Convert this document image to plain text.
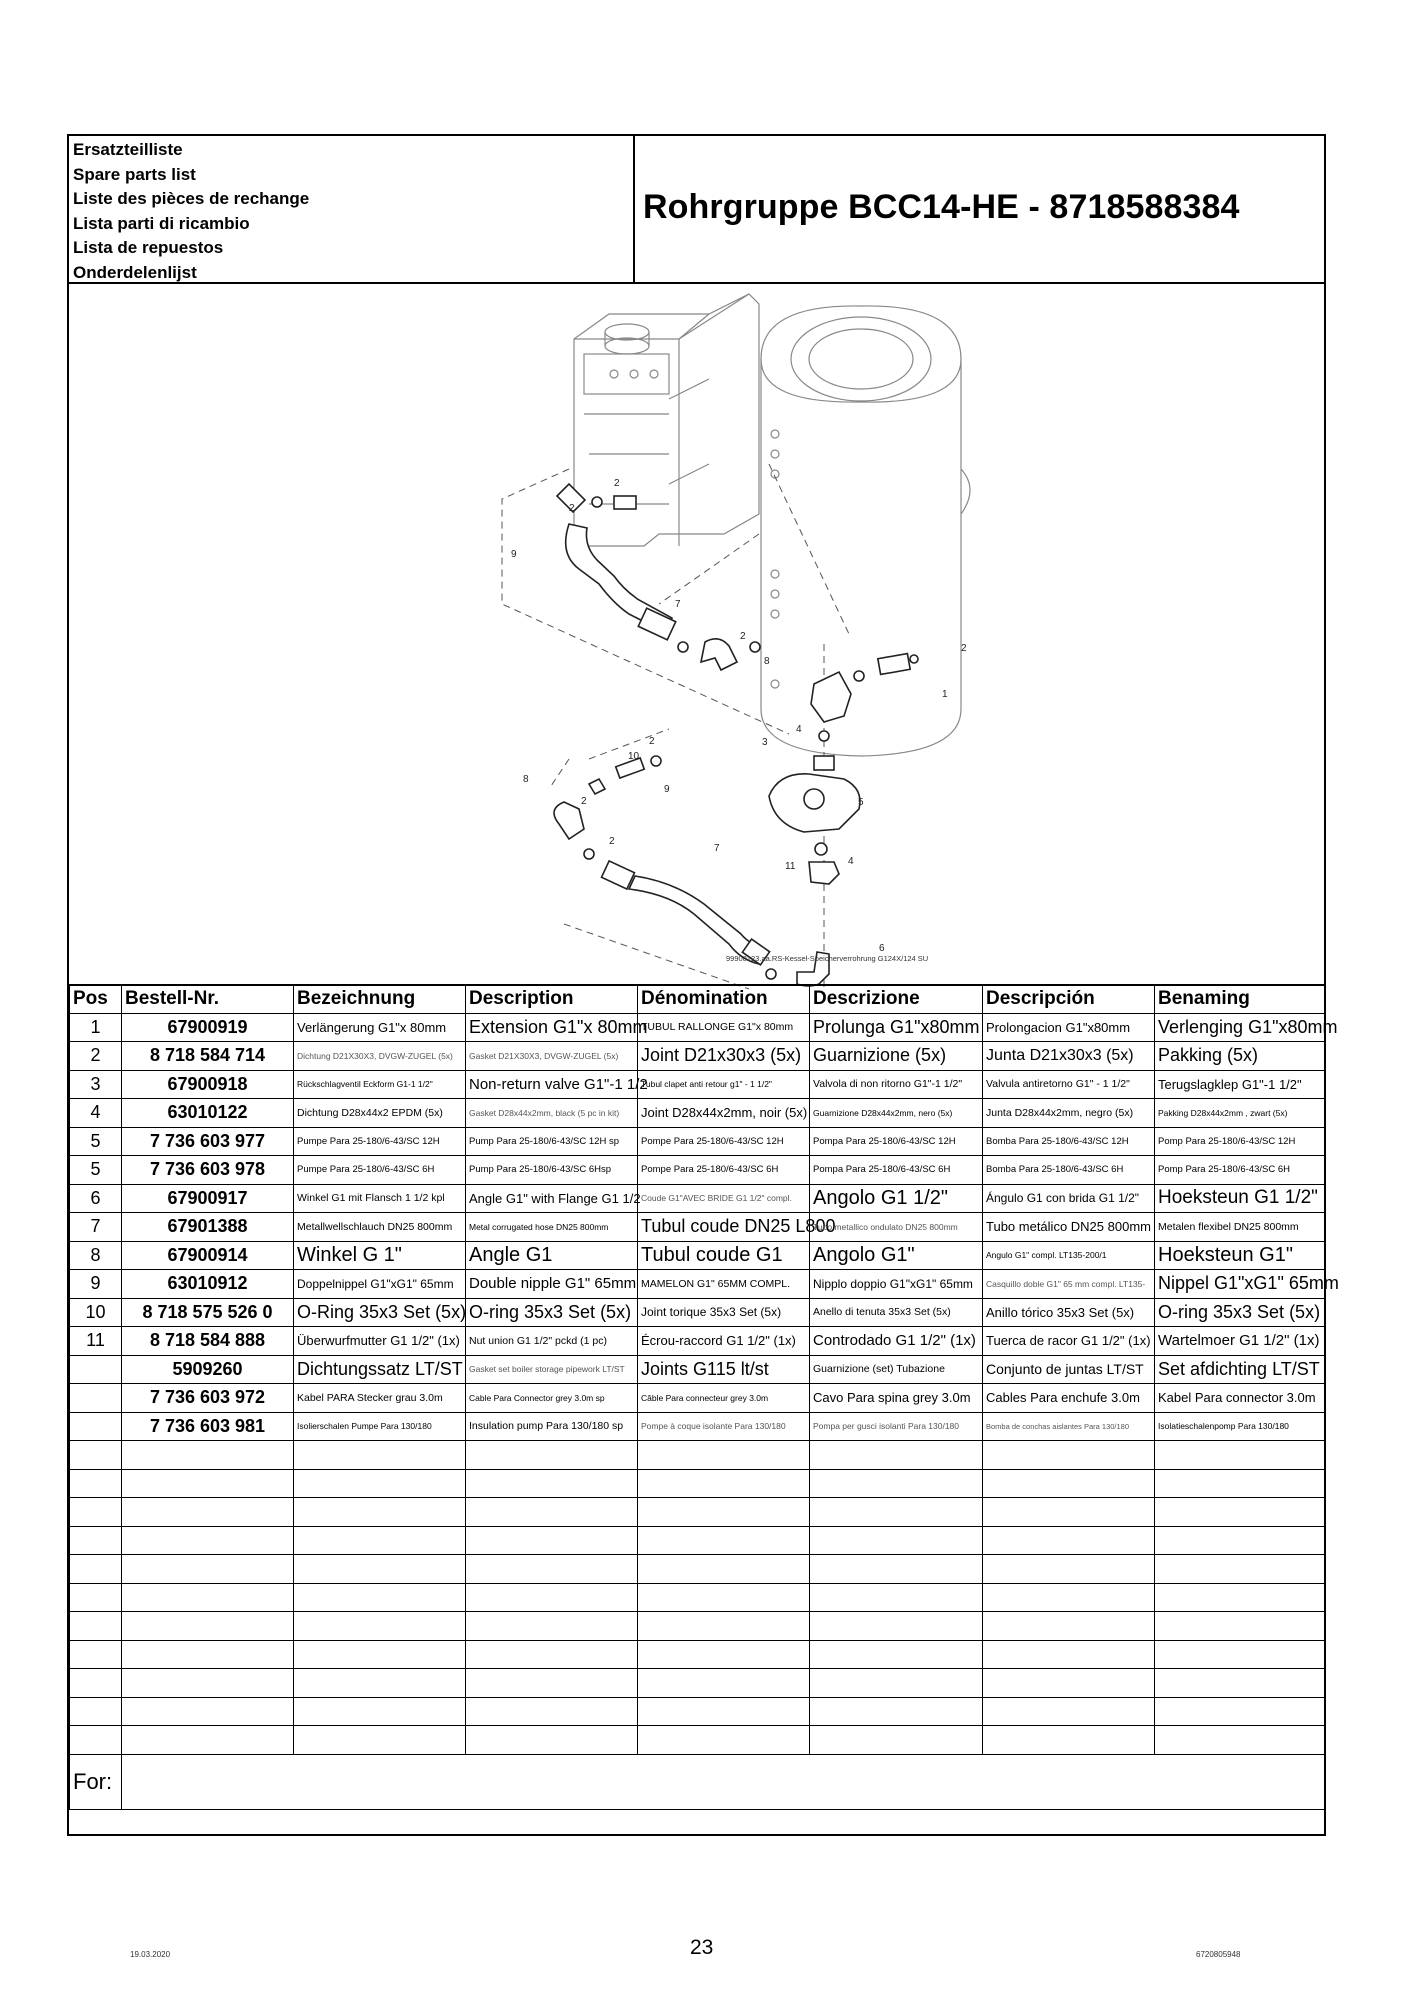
Ersatzteilliste
Spare parts list
Liste des pièces de rechange
Lista parti di ricambio
Lista de repuestos
Onderdelenlijst
Rohrgruppe BCC14-HE - 8718588384
1
2
2
2
2
2
2
2	3
4
4
5
6
7
7
8
8
9
9
10
11
99900123.aa.RS-Kessel-Speicherverrohrung G124X/124 SU
Pos	Bestell-Nr.	Bezeichnung	Description	Dénomination	Descrizione	Descripción	Benaming
1	67900919	Verlängerung G1"x 80mm	Extension G1"x 80mm	TUBUL RALLONGE G1"x 80mm	Prolunga G1"x80mm	Prolongacion G1"x80mm	Verlenging G1"x80mm
2	8 718 584 714	Dichtung D21X30X3, DVGW-ZUGEL (5x)	Gasket D21X30X3, DVGW-ZUGEL (5x)	Joint D21x30x3 (5x)	Guarnizione (5x)	Junta D21x30x3 (5x)	Pakking (5x)
3	67900918	Rückschlagventil Eckform G1-1 1/2"	Non-return valve G1"-1 1/2	Tubul clapet anti retour g1" - 1 1/2"	Valvola di non ritorno G1"-1 1/2"	Valvula antiretorno G1" - 1 1/2"	Terugslagklep G1"-1 1/2"
4	63010122	Dichtung D28x44x2 EPDM (5x)	Gasket D28x44x2mm, black (5 pc in kit)	Joint D28x44x2mm, noir (5x)	Guarnizione D28x44x2mm, nero (5x)	Junta D28x44x2mm, negro (5x)	Pakking D28x44x2mm , zwart (5x)
5	7 736 603 977	Pumpe Para 25-180/6-43/SC 12H	Pump Para 25-180/6-43/SC 12H sp	Pompe Para 25-180/6-43/SC 12H	Pompa Para 25-180/6-43/SC 12H	Bomba Para 25-180/6-43/SC 12H	Pomp Para 25-180/6-43/SC 12H
5	7 736 603 978	Pumpe Para 25-180/6-43/SC 6H	Pump Para 25-180/6-43/SC 6Hsp	Pompe Para 25-180/6-43/SC 6H	Pompa Para 25-180/6-43/SC 6H	Bomba Para 25-180/6-43/SC 6H	Pomp Para 25-180/6-43/SC 6H
6	67900917	Winkel G1 mit Flansch 1 1/2 kpl	Angle G1" with Flange G1 1/2	Coude G1"AVEC BRIDE G1 1/2" compl.	Angolo G1 1/2"	Ángulo G1 con brida G1 1/2"	Hoeksteun G1 1/2"
7	67901388	Metallwellschlauch DN25 800mm	Metal corrugated hose DN25 800mm	Tubul coude DN25 L800	Tubo metallico ondulato DN25 800mm	Tubo metálico DN25 800mm	Metalen flexibel DN25 800mm
8	67900914	Winkel G 1"	Angle G1	Tubul coude G1	Angolo G1"	Angulo G1" compl. LT135-200/1	Hoeksteun G1"
9	63010912	Doppelnippel G1"xG1" 65mm	Double nipple G1" 65mm	MAMELON G1" 65MM COMPL.	Nipplo doppio G1"xG1" 65mm	Casquillo doble G1" 65 mm compl. LT135-	Nippel G1"xG1" 65mm
10	8 718 575 526 0	O-Ring 35x3 Set (5x)	O-ring 35x3 Set (5x)	Joint torique 35x3 Set (5x)	Anello di tenuta 35x3 Set (5x)	Anillo tórico 35x3 Set (5x)	O-ring 35x3 Set (5x)
11	8 718 584 888	Überwurfmutter G1 1/2" (1x)	Nut union G1 1/2" pckd (1 pc)	Écrou-raccord G1 1/2" (1x)	Controdado G1 1/2" (1x)	Tuerca de racor G1 1/2" (1x)	Wartelmoer G1 1/2" (1x)
	5909260	Dichtungssatz LT/ST	Gasket set boiler storage pipework LT/ST	Joints G115 lt/st	Guarnizione (set) Tubazione	Conjunto de juntas LT/ST	Set afdichting LT/ST
	7 736 603 972	Kabel PARA Stecker grau 3.0m	Cable Para Connector grey 3.0m sp	Câble Para connecteur grey 3.0m	Cavo Para spina grey 3.0m	Cables Para enchufe 3.0m	Kabel Para connector 3.0m
	7 736 603 981	Isolierschalen Pumpe Para 130/180	Insulation pump Para 130/180 sp	Pompe à coque isolante Para 130/180	Pompa per gusci isolanti Para 130/180	Bomba de conchas aislantes Para 130/180	Isolatieschalenpomp Para 130/180

For:							
19.03.2020	23	6720805948
